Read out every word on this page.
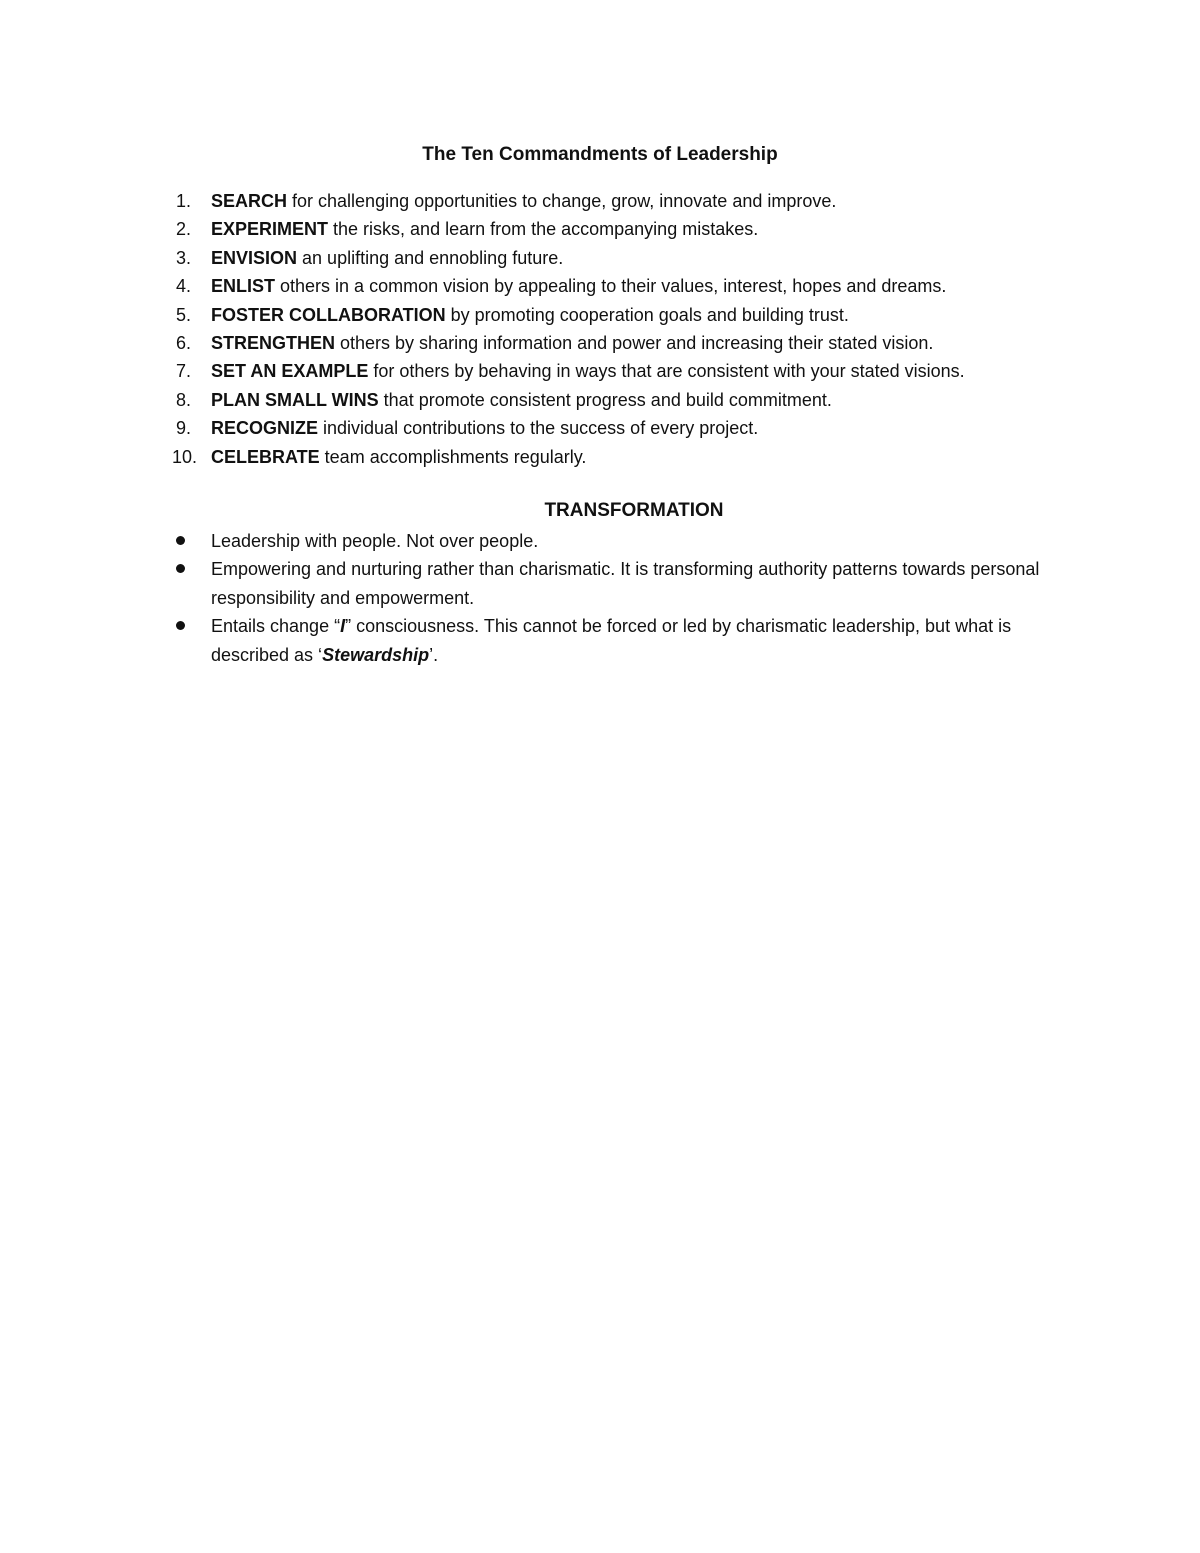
The Ten Commandments of Leadership
1. SEARCH for challenging opportunities to change, grow, innovate and improve.
2. EXPERIMENT the risks, and learn from the accompanying mistakes.
3. ENVISION an uplifting and ennobling future.
4. ENLIST others in a common vision by appealing to their values, interest, hopes and dreams.
5. FOSTER COLLABORATION by promoting cooperation goals and building trust.
6. STRENGTHEN others by sharing information and power and increasing their stated vision.
7. SET AN EXAMPLE for others by behaving in ways that are consistent with your stated visions.
8. PLAN SMALL WINS that promote consistent progress and build commitment.
9. RECOGNIZE individual contributions to the success of every project.
10. CELEBRATE team accomplishments regularly.
TRANSFORMATION
Leadership with people. Not over people.
Empowering and nurturing rather than charismatic. It is transforming authority patterns towards personal responsibility and empowerment.
Entails change “I” consciousness. This cannot be forced or led by charismatic leadership, but what is described as ‘Stewardship’.
